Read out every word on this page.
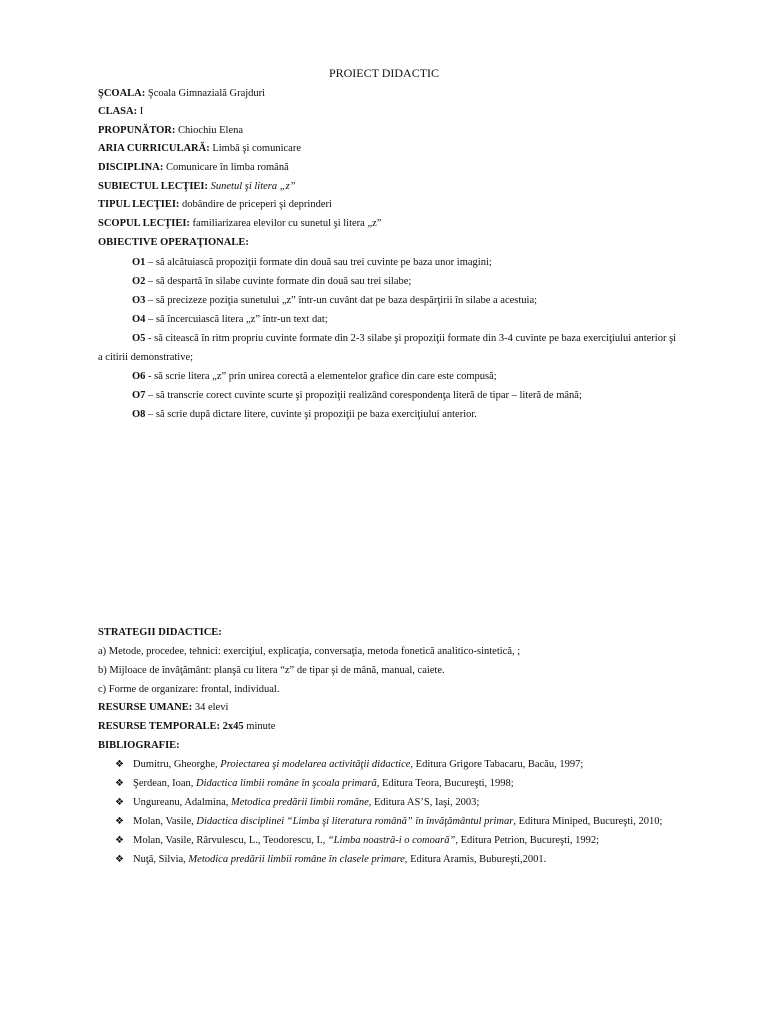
PROIECT DIDACTIC
ŞCOALA: Şcoala Gimnazială Grajduri
CLASA: I
PROPUNĂTOR: Chiochiu Elena
ARIA CURRICULARĂ: Limbă şi comunicare
DISCIPLINA: Comunicare în limba română
SUBIECTUL LECŢIEI: Sunetul şi litera „z”
TIPUL LECŢIEI: dobândire de priceperi şi deprinderi
SCOPUL LECŢIEI: familiarizarea elevilor cu sunetul şi litera „z”
OBIECTIVE OPERAŢIONALE:
O1 – să alcătuiască propoziţii formate din două sau trei cuvinte pe baza unor imagini;
O2 – să despartă în silabe cuvinte formate din două sau trei silabe;
O3 – să precizeze poziţia sunetului „z” într-un cuvânt dat pe baza despărţirii în silabe a acestuia;
O4 – să încercuiască litera „z” într-un text dat;
O5 - să citească în ritm propriu cuvinte formate din 2-3 silabe şi propoziţii formate din 3-4 cuvinte pe baza exerciţiului anterior şi
a citirii demonstrative;
O6 - să scrie litera „z” prin unirea corectă a elementelor grafice din care este compusă;
O7 – să transcrie corect cuvinte scurte şi propoziţii realizând corespondenţa literă de tipar – literă de mână;
O8 – să scrie după dictare litere, cuvinte şi propoziţii pe baza exerciţiului anterior.
STRATEGII DIDACTICE:
a) Metode, procedee, tehnici: exerciţiul, explicaţia, conversaţia, metoda fonetică analitico-sintetică, ;
b) Mijloace de învăţământ: planşă cu litera “z” de tipar şi de mână, manual, caiete.
c) Forme de organizare: frontal, individual.
RESURSE UMANE: 34 elevi
RESURSE TEMPORALE: 2x45 minute
BIBLIOGRAFIE:
❖ Dumitru, Gheorghe, Proiectarea şi modelarea activităţii didactice, Editura Grigore Tabacaru, Bacău, 1997;
❖ Şerdean, Ioan, Didactica limbii române în şcoala primară, Editura Teora, Bucureşti, 1998;
❖ Ungureanu, Adalmina, Metodica predării limbii române, Editura AS’S, Iaşi, 2003;
❖ Molan, Vasile, Didactica disciplinei “Limba şi literatura română” în învăţământul primar, Editura Miniped, Bucureşti, 2010;
❖ Molan, Vasile, Rârvulescu, L., Teodorescu, I., “Limba noastră-i o comoară”, Editura Petrion, Bucureşti, 1992;
❖ Nuţă, Silvia, Metodica predării limbii române în clasele primare, Editura Aramis, Bubureşti,2001.
